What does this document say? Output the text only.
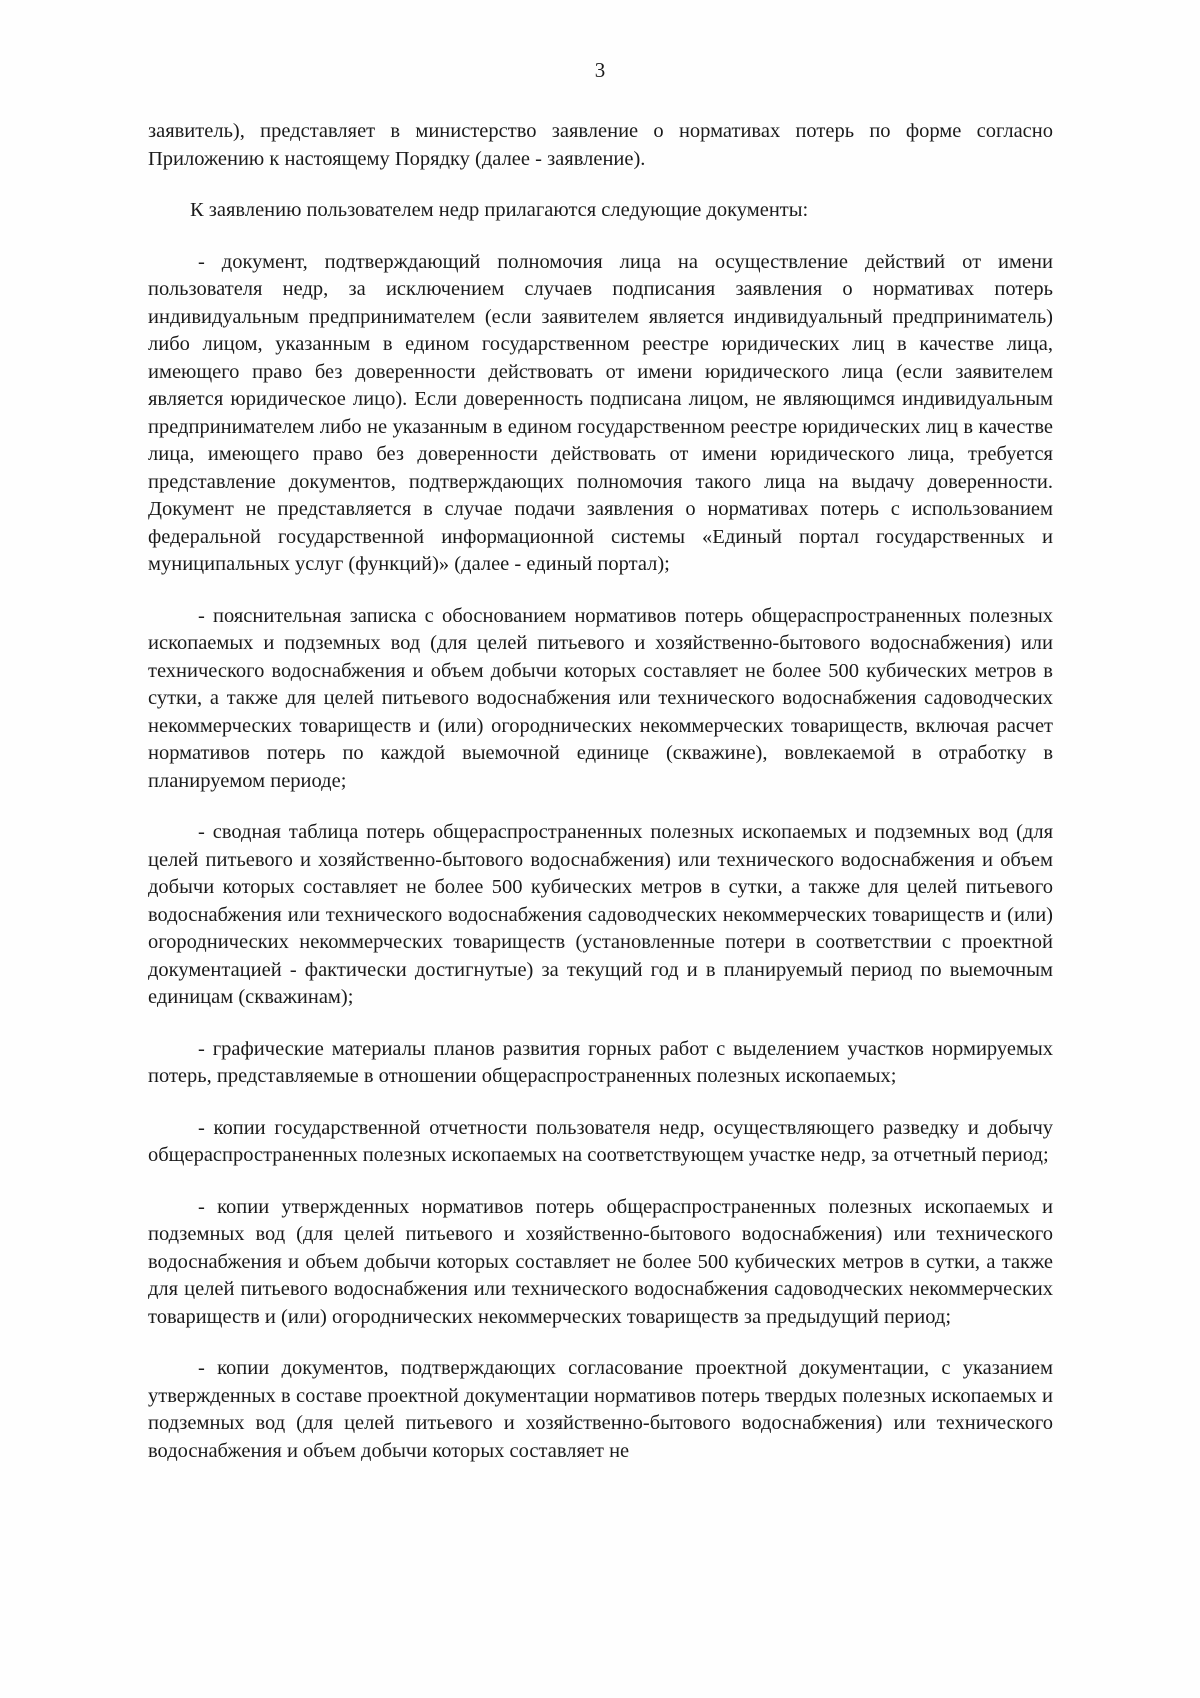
3

заявитель), представляет в министерство заявление о нормативах потерь по форме согласно Приложению к настоящему Порядку (далее - заявление).

К заявлению пользователем недр прилагаются следующие документы:

- документ, подтверждающий полномочия лица на осуществление действий от имени пользователя недр, за исключением случаев подписания заявления о нормативах потерь индивидуальным предпринимателем (если заявителем является индивидуальный предприниматель) либо лицом, указанным в едином государственном реестре юридических лиц в качестве лица, имеющего право без доверенности действовать от имени юридического лица (если заявителем является юридическое лицо). Если доверенность подписана лицом, не являющимся индивидуальным предпринимателем либо не указанным в едином государственном реестре юридических лиц в качестве лица, имеющего право без доверенности действовать от имени юридического лица, требуется представление документов, подтверждающих полномочия такого лица на выдачу доверенности. Документ не представляется в случае подачи заявления о нормативах потерь с использованием федеральной государственной информационной системы «Единый портал государственных и муниципальных услуг (функций)» (далее - единый портал);

- пояснительная записка с обоснованием нормативов потерь общераспространенных полезных ископаемых и подземных вод (для целей питьевого и хозяйственно-бытового водоснабжения) или технического водоснабжения и объем добычи которых составляет не более 500 кубических метров в сутки, а также для целей питьевого водоснабжения или технического водоснабжения садоводческих некоммерческих товариществ и (или) огороднических некоммерческих товариществ, включая расчет нормативов потерь по каждой выемочной единице (скважине), вовлекаемой в отработку в планируемом периоде;

- сводная таблица потерь общераспространенных полезных ископаемых и подземных вод (для целей питьевого и хозяйственно-бытового водоснабжения) или технического водоснабжения и объем добычи которых составляет не более 500 кубических метров в сутки, а также для целей питьевого водоснабжения или технического водоснабжения садоводческих некоммерческих товариществ и (или) огороднических некоммерческих товариществ (установленные потери в соответствии с проектной документацией - фактически достигнутые) за текущий год и в планируемый период по выемочным единицам (скважинам);

- графические материалы планов развития горных работ с выделением участков нормируемых потерь, представляемые в отношении общераспространенных полезных ископаемых;

- копии государственной отчетности пользователя недр, осуществляющего разведку и добычу общераспространенных полезных ископаемых на соответствующем участке недр, за отчетный период;

- копии утвержденных нормативов потерь общераспространенных полезных ископаемых и подземных вод (для целей питьевого и хозяйственно-бытового водоснабжения) или технического водоснабжения и объем добычи которых составляет не более 500 кубических метров в сутки, а также для целей питьевого водоснабжения или технического водоснабжения садоводческих некоммерческих товариществ и (или) огороднических некоммерческих товариществ за предыдущий период;

- копии документов, подтверждающих согласование проектной документации, с указанием утвержденных в составе проектной документации нормативов потерь твердых полезных ископаемых и подземных вод (для целей питьевого и хозяйственно-бытового водоснабжения) или технического водоснабжения и объем добычи которых составляет не
